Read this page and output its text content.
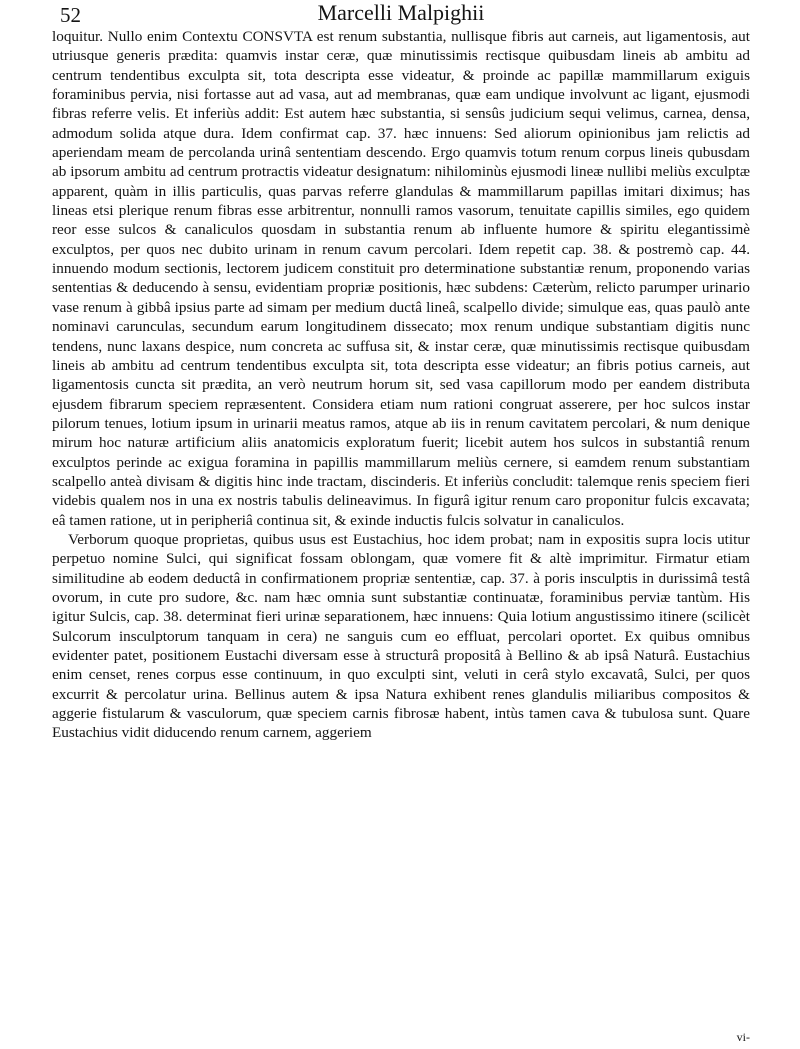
52	Marcelli Malpighii

loquitur. Nullo enim Contextu CONSVTA est renum substantia, nullisque fibris aut carneis, aut ligamentosis, aut utriusque generis prædita: quamvis instar ceræ, quæ minutissimis rectisque quibusdam lineis ab ambitu ad centrum tendentibus exculpta sit, tota descripta esse videatur, & proinde ac papillæ mammillarum exiguis foraminibus pervia, nisi fortasse aut ad vasa, aut ad membranas, quæ eam undique involvunt ac ligant, ejusmodi fibras referre velis. Et inferiùs addit: Est autem hæc substantia, si sensûs judicium sequi velimus, carnea, densa, admodum solida atque dura. Idem confirmat cap. 37. hæc innuens: Sed aliorum opinionibus jam relictis ad aperiendam meam de percolanda urinâ sententiam descendo. Ergo quamvis totum renum corpus lineis qubusdam ab ipsorum ambitu ad centrum protractis videatur designatum: nihilominùs ejusmodi lineæ nullibi meliùs exculptæ apparent, quàm in illis particulis, quas parvas referre glandulas & mammillarum papillas imitari diximus; has lineas etsi plerique renum fibras esse arbitrentur, nonnulli ramos vasorum, tenuitate capillis similes, ego quidem reor esse sulcos & canaliculos quosdam in substantia renum ab influente humore & spiritu elegantissimè exculptos, per quos nec dubito urinam in renum cavum percolari. Idem repetit cap. 38. & postremò cap. 44. innuendo modum sectionis, lectorem judicem constituit pro determinatione substantiæ renum, proponendo varias sententias & deducendo à sensu, evidentiam propriæ positionis, hæc subdens: Cæterùm, relicto parumper urinario vase renum à gibbâ ipsius parte ad simam per medium ductâ lineâ, scalpello divide; simulque eas, quas paulò ante nominavi carunculas, secundum earum longitudinem dissecato; mox renum undique substantiam digitis nunc tendens, nunc laxans despice, num concreta ac suffusa sit, & instar ceræ, quæ minutissimis rectisque quibusdam lineis ab ambitu ad centrum tendentibus exculpta sit, tota descripta esse videatur; an fibris potius carneis, aut ligamentosis cuncta sit prædita, an verò neutrum horum sit, sed vasa capillorum modo per eandem distributa ejusdem fibrarum speciem repræsentent. Considera etiam num rationi congruat asserere, per hoc sulcos instar pilorum tenues, lotium ipsum in urinarii meatus ramos, atque ab iis in renum cavitatem percolari, & num denique mirum hoc naturæ artificium aliis anatomicis exploratum fuerit; licebit autem hos sulcos in substantiâ renum exculptos perinde ac exigua foramina in papillis mammillarum meliùs cernere, si eamdem renum substantiam scalpello anteà divisam & digitis hinc inde tractam, discinderis. Et inferiùs concludit: talemque renis speciem fieri videbis qualem nos in una ex nostris tabulis delineavimus. In figurâ igitur renum caro proponitur fulcis excavata; eâ tamen ratione, ut in peripheriâ continua sit, & exinde inductis fulcis solvatur in canaliculos.

Verborum quoque proprietas, quibus usus est Eustachius, hoc idem probat; nam in expositis supra locis utitur perpetuo nomine Sulci, qui significat fossam oblongam, quæ vomere fit & altè imprimitur. Firmatur etiam similitudine ab eodem deductâ in confirmationem propriæ sententiæ, cap. 37. à poris insculptis in durissimâ testâ ovorum, in cute pro sudore, &c. nam hæc omnia sunt substantiæ continuatæ, foraminibus perviæ tantùm. His igitur Sulcis, cap. 38. determinat fieri urinæ separationem, hæc innuens: Quia lotium angustissimo itinere (scilicèt Sulcorum insculptorum tanquam in cera) ne sanguis cum eo effluat, percolari oportet. Ex quibus omnibus evidenter patet, positionem Eustachi diversam esse à structurâ propositâ à Bellino & ab ipsâ Naturâ. Eustachius enim censet, renes corpus esse continuum, in quo exculpti sint, veluti in cerâ stylo excavatâ, Sulci, per quos excurrit & percolatur urina. Bellinus autem & ipsa Natura exhibent renes glandulis miliaribus compositos & aggerie fistularum & vasculorum, quæ speciem carnis fibrosæ habent, intùs tamen cava & tubulosa sunt. Quare Eustachius vidit diducendo renum carnem, aggeriem

vi-
